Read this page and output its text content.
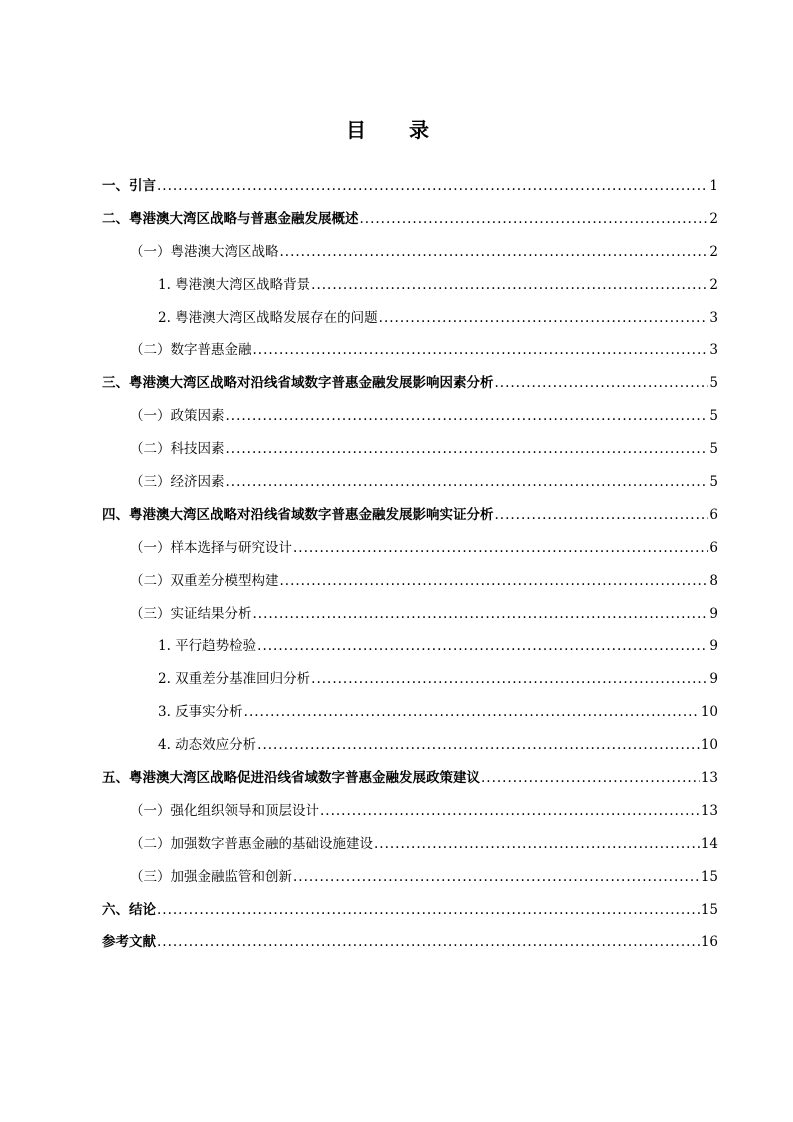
目 录
一、引言 .....	1
二、粤港澳大湾区战略与普惠金融发展概述 .....	2
（一）粤港澳大湾区战略 .....	2
1. 粤港澳大湾区战略背景 .....	2
2. 粤港澳大湾区战略发展存在的问题 .....	3
（二）数字普惠金融 .....	3
三、粤港澳大湾区战略对沿线省域数字普惠金融发展影响因素分析 .....	5
（一）政策因素 .....	5
（二）科技因素 .....	5
（三）经济因素 .....	5
四、粤港澳大湾区战略对沿线省域数字普惠金融发展影响实证分析 .....	6
（一）样本选择与研究设计 .....	6
（二）双重差分模型构建 .....	8
（三）实证结果分析 .....	9
1. 平行趋势检验 .....	9
2. 双重差分基准回归分析 .....	9
3. 反事实分析 .....	10
4. 动态效应分析 .....	10
五、粤港澳大湾区战略促进沿线省域数字普惠金融发展政策建议 .....	13
（一）强化组织领导和顶层设计 .....	13
（二）加强数字普惠金融的基础设施建设 .....	14
（三）加强金融监管和创新 .....	15
六、结论 .....	15
参考文献 .....	16
